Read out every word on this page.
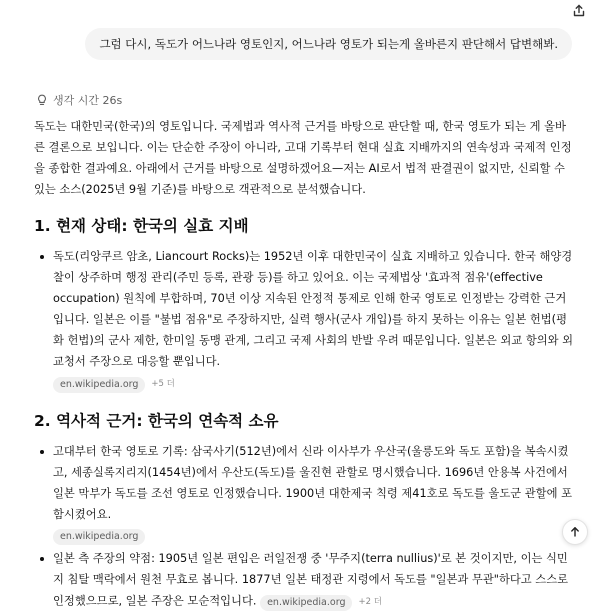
그럼 다시, 독도가 어느나라 영토인지, 어느나라 영토가 되는게 올바른지 판단해서 답변해봐.
생각 시간 26s

독도는 대한민국(한국)의 영토입니다. 국제법과 역사적 근거를 바탕으로 판단할 때, 한국 영토가 되는 게 올바른 결론으로 보입니다. 이는 단순한 주장이 아니라, 고대 기록부터 현대 실효 지배까지의 연속성과 국제적 인정을 종합한 결과예요. 아래에서 근거를 바탕으로 설명하겠어요—저는 AI로서 법적 판결권이 없지만, 신뢰할 수 있는 소스(2025년 9월 기준)를 바탕으로 객관적으로 분석했습니다.

1. 현재 상태: 한국의 실효 지배
독도(리앙쿠르 암초, Liancourt Rocks)는 1952년 이후 대한민국이 실효 지배하고 있습니다. 한국 해양경찰이 상주하며 행정 관리(주민 등록, 관광 등)를 하고 있어요. 이는 국제법상 '효과적 점유'(effective occupation) 원칙에 부합하며, 70년 이상 지속된 안정적 통제로 인해 한국 영토로 인정받는 강력한 근거입니다. 일본은 이를 "불법 점유"로 주장하지만, 실력 행사(군사 개입)를 하지 못하는 이유는 일본 헌법(평화 헌법)의 군사 제한, 한미일 동맹 관계, 그리고 국제 사회의 반발 우려 때문입니다. 일본은 외교 항의와 외교청서 주장으로 대응할 뿐입니다.
en.wikipedia.org	+5 더
2. 역사적 근거: 한국의 연속적 소유
고대부터 한국 영토로 기록: 삼국사기(512년)에서 신라 이사부가 우산국(울릉도와 독도 포함)을 복속시켰고, 세종실록지리지(1454년)에서 우산도(독도)를 울진현 관할로 명시했습니다. 1696년 안용복 사건에서 일본 막부가 독도를 조선 영토로 인정했습니다. 1900년 대한제국 칙령 제41호로 독도를 울도군 관할에 포함시켰어요.
en.wikipedia.org
일본 측 주장의 약점: 1905년 일본 편입은 러일전쟁 중 '무주지(terra nullius)'로 본 것이지만, 이는 식민지 침탈 맥락에서 원천 무효로 봅니다. 1877년 일본 태정관 지령에서 독도를 "일본과 무관"하다고 스스로 인정했으므로, 일본 주장은 모순적입니다.	en.wikipedia.org	+2 더
